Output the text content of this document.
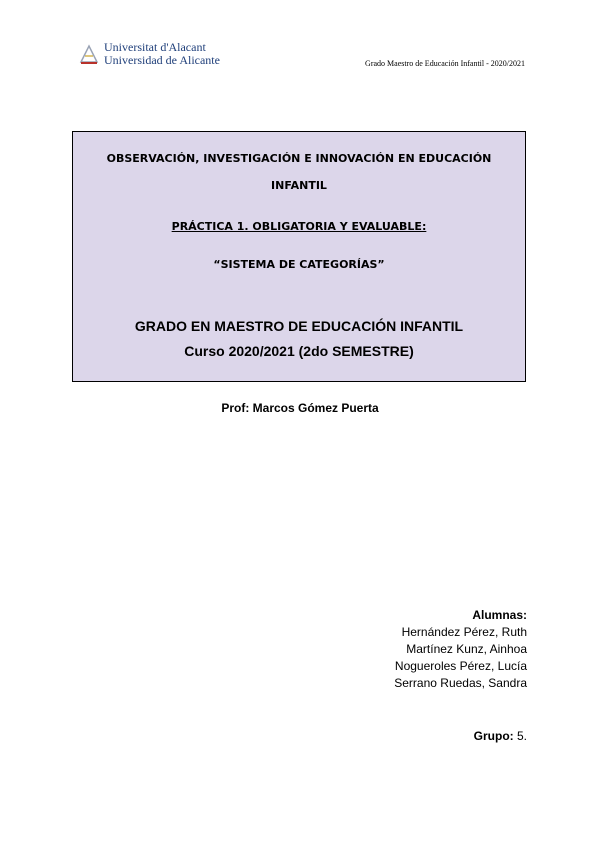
Universitat d'Alacant
Universidad de Alicante	Grado Maestro de Educación Infantil - 2020/2021
OBSERVACIÓN, INVESTIGACIÓN E INNOVACIÓN EN EDUCACIÓN
INFANTIL
PRÁCTICA 1. OBLIGATORIA Y EVALUABLE:
“SISTEMA DE CATEGORÍAS”
GRADO EN MAESTRO DE EDUCACIÓN INFANTIL
Curso 2020/2021 (2do SEMESTRE)
Prof: Marcos Gómez Puerta
Alumnas:
Hernández Pérez, Ruth
Martínez Kunz, Ainhoa
Nogueroles Pérez, Lucía
Serrano Ruedas, Sandra
Grupo: 5.
